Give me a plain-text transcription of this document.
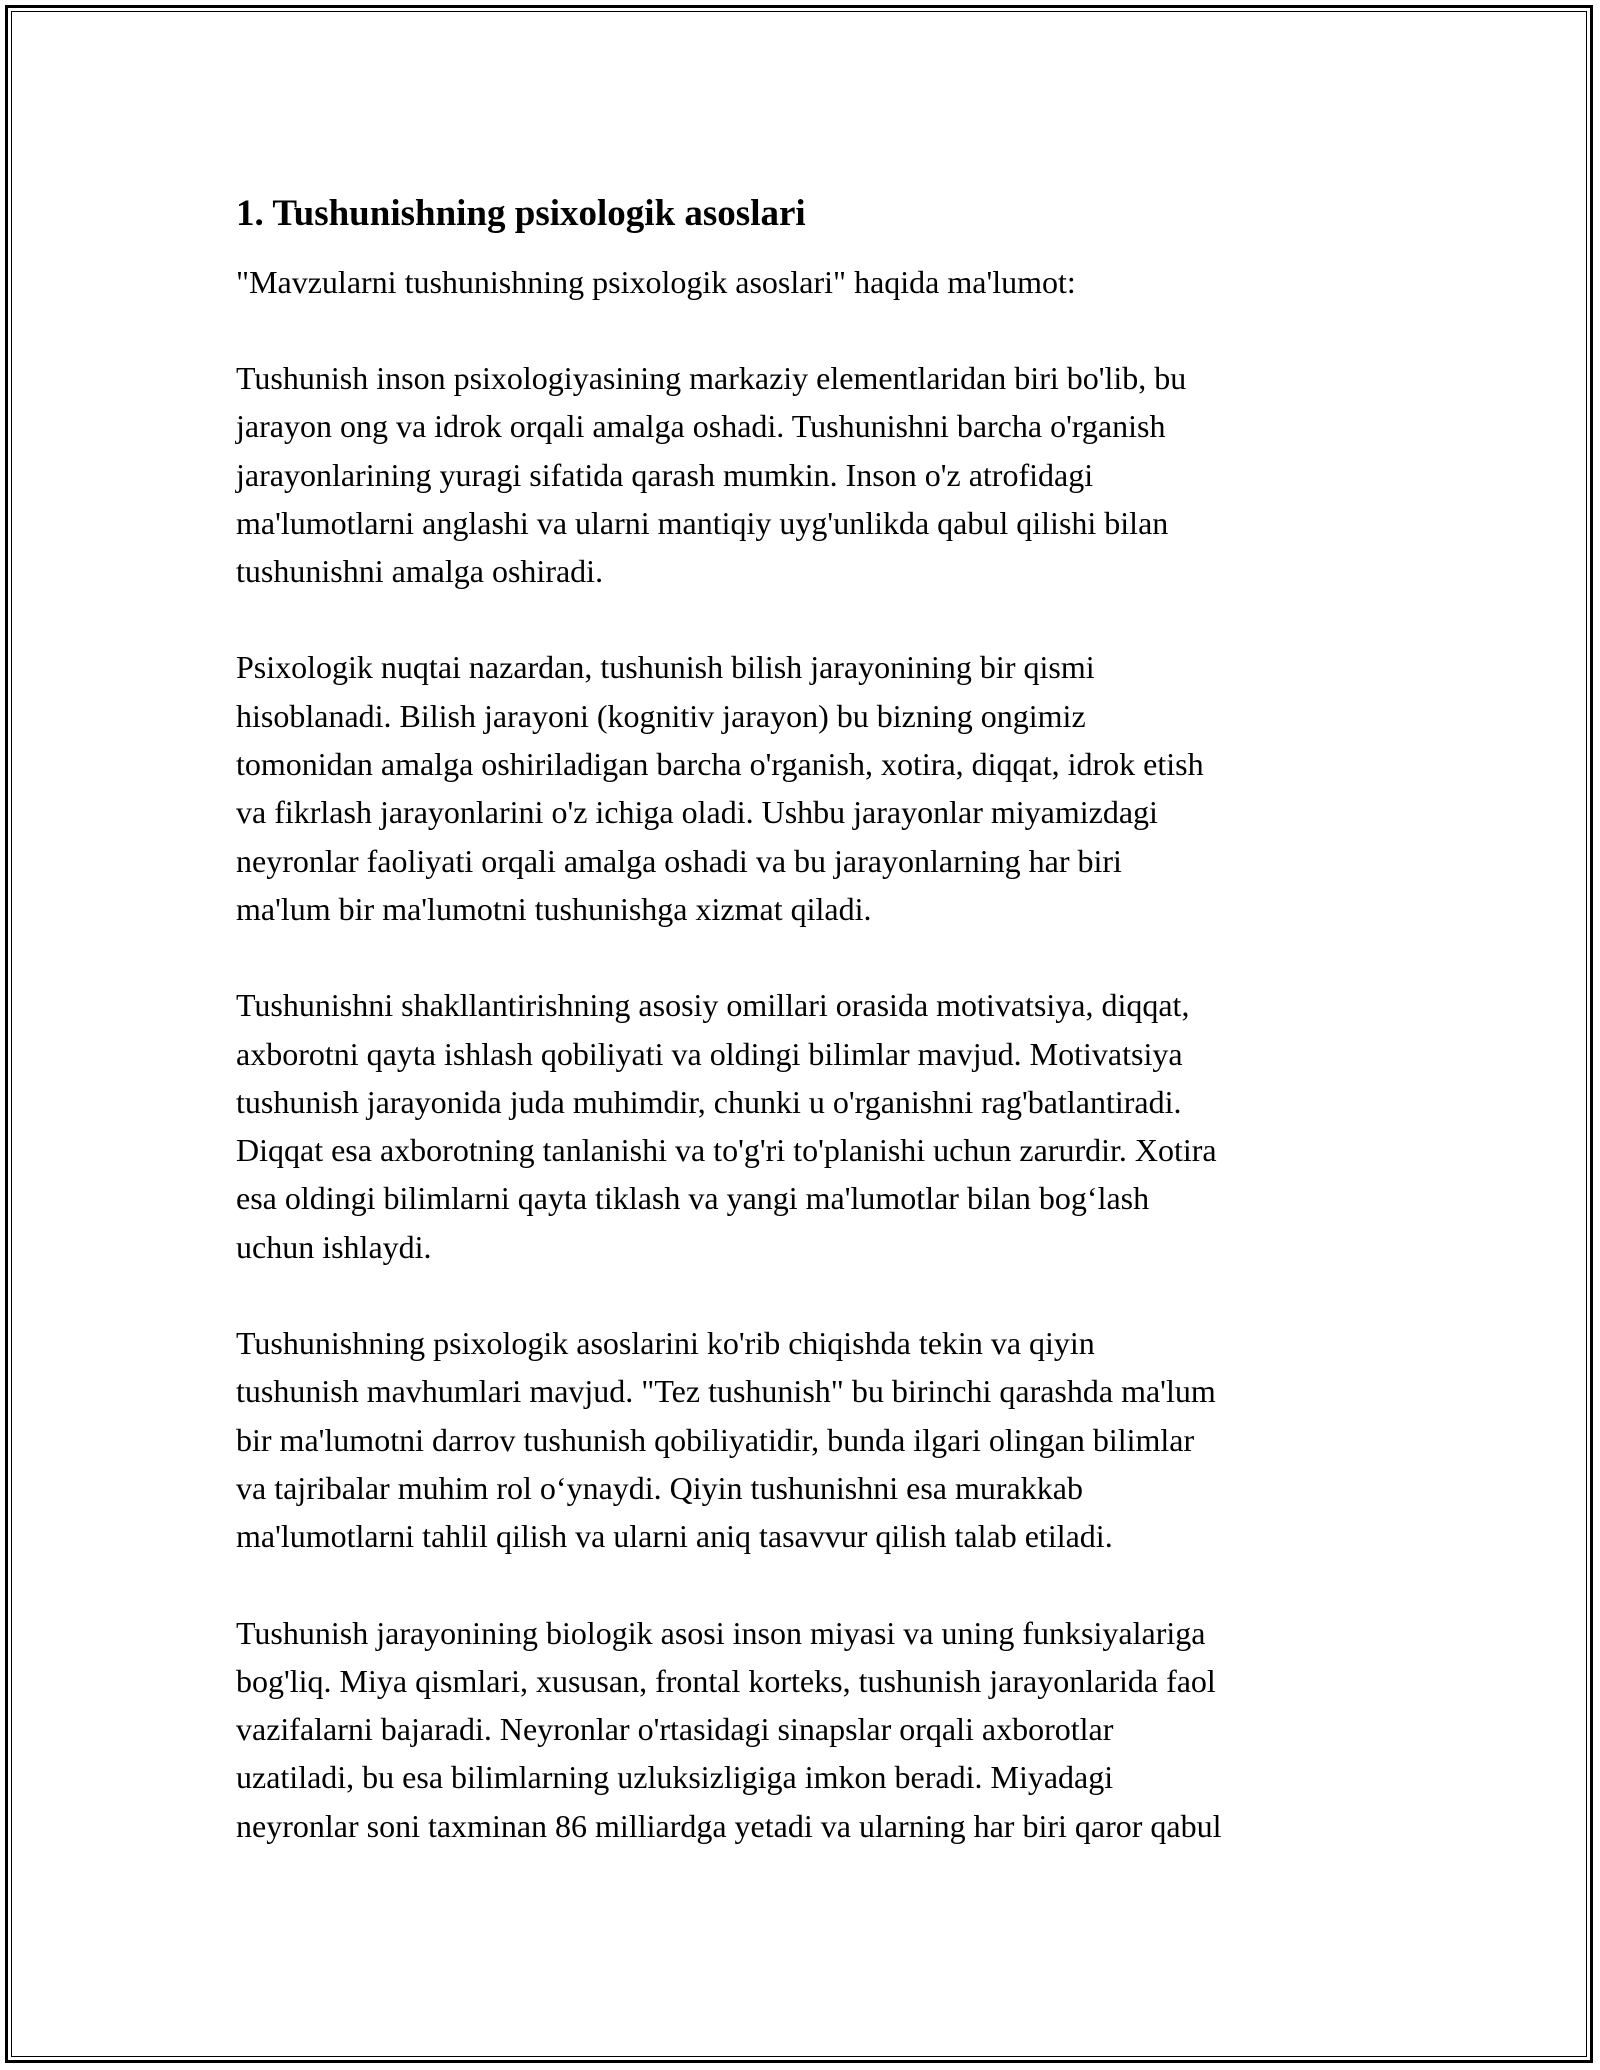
1. Tushunishning psixologik asoslari
"Mavzularni tushunishning psixologik asoslari" haqida ma'lumot:
Tushunish inson psixologiyasining markaziy elementlaridan biri bo'lib, bu
jarayon ong va idrok orqali amalga oshadi. Tushunishni barcha o'rganish
jarayonlarining yuragi sifatida qarash mumkin. Inson o'z atrofidagi
ma'lumotlarni anglashi va ularni mantiqiy uyg'unlikda qabul qilishi bilan
tushunishni amalga oshiradi.
Psixologik nuqtai nazardan, tushunish bilish jarayonining bir qismi
hisoblanadi. Bilish jarayoni (kognitiv jarayon) bu bizning ongimiz
tomonidan amalga oshiriladigan barcha o'rganish, xotira, diqqat, idrok etish
va fikrlash jarayonlarini o'z ichiga oladi. Ushbu jarayonlar miyamizdagi
neyronlar faoliyati orqali amalga oshadi va bu jarayonlarning har biri
ma'lum bir ma'lumotni tushunishga xizmat qiladi.
Tushunishni shakllantirishning asosiy omillari orasida motivatsiya, diqqat,
axborotni qayta ishlash qobiliyati va oldingi bilimlar mavjud. Motivatsiya
tushunish jarayonida juda muhimdir, chunki u o'rganishni rag'batlantiradi.
Diqqat esa axborotning tanlanishi va to'g'ri to'planishi uchun zarurdir. Xotira
esa oldingi bilimlarni qayta tiklash va yangi ma'lumotlar bilan bog‘lash
uchun ishlaydi.
Tushunishning psixologik asoslarini ko'rib chiqishda tekin va qiyin
tushunish mavhumlari mavjud. "Tez tushunish" bu birinchi qarashda ma'lum
bir ma'lumotni darrov tushunish qobiliyatidir, bunda ilgari olingan bilimlar
va tajribalar muhim rol o‘ynaydi. Qiyin tushunishni esa murakkab
ma'lumotlarni tahlil qilish va ularni aniq tasavvur qilish talab etiladi.
Tushunish jarayonining biologik asosi inson miyasi va uning funksiyalariga
bog'liq. Miya qismlari, xususan, frontal korteks, tushunish jarayonlarida faol
vazifalarni bajaradi. Neyronlar o'rtasidagi sinapslar orqali axborotlar
uzatiladi, bu esa bilimlarning uzluksizligiga imkon beradi. Miyadagi
neyronlar soni taxminan 86 milliardga yetadi va ularning har biri qaror qabul
